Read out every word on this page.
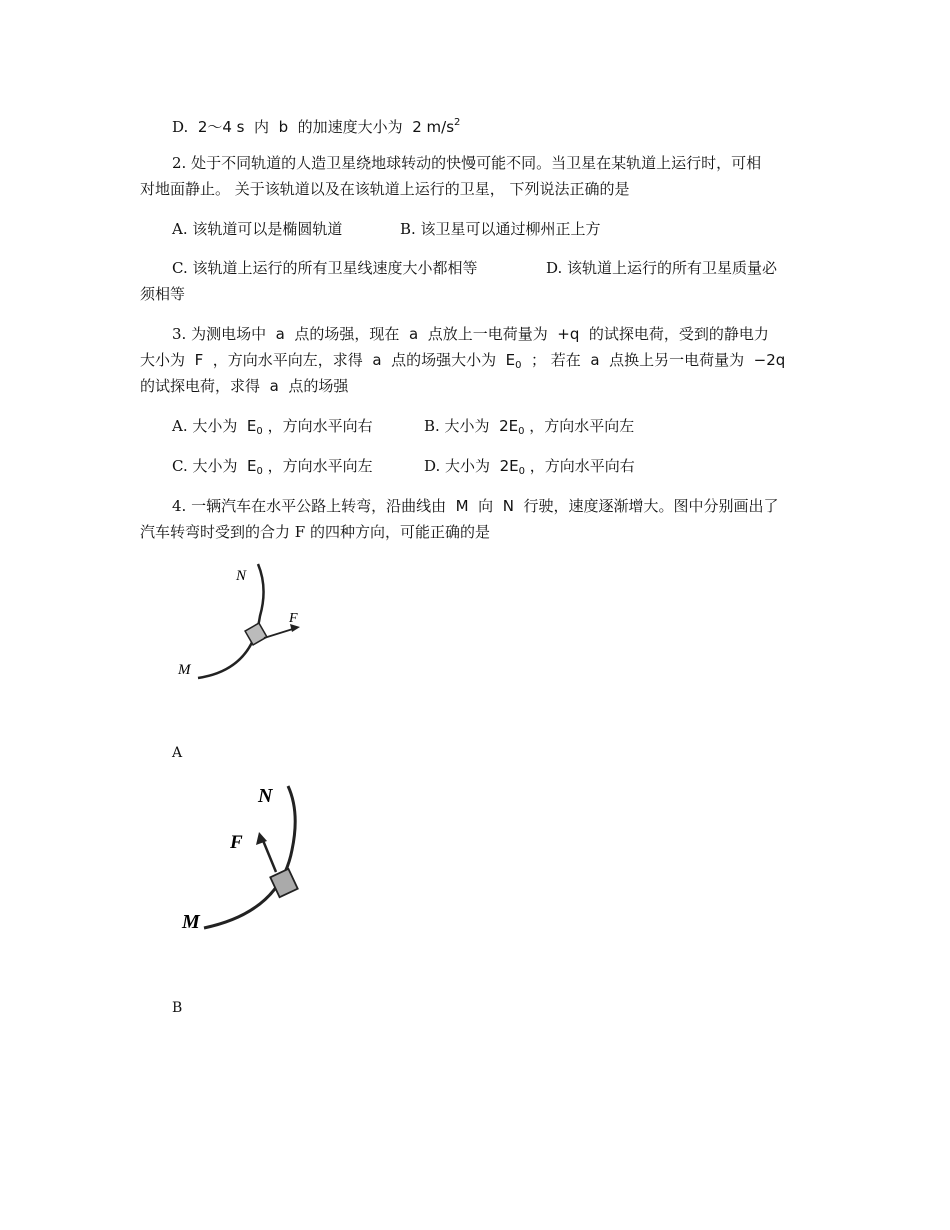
D. 2～4 s 内 b 的加速度大小为 2 $m/s^2$
2. 处于不同轨道的人造卫星绕地球转动的快慢可能不同。当卫星在某轨道上运行时，可相
对地面静止。 关于该轨道以及在该轨道上运行的卫星， 下列说法正确的是
A. 该轨道可以是椭圆轨道	B. 该卫星可以通过柳州正上方
C. 该轨道上运行的所有卫星线速度大小都相等	D. 该轨道上运行的所有卫星质量必
须相等
3. 为测电场中 a 点的场强，现在 a 点放上一电荷量为 +q 的试探电荷，受到的静电力
大小为 F ，方向水平向左，求得 a 点的场强大小为 $E_0$ ； 若在 a 点换上另一电荷量为 −2q
的试探电荷，求得 a 点的场强
A. 大小为 $E_0$ ，方向水平向右	B. 大小为 $2E_0$ ，方向水平向左
C. 大小为 $E_0$ ，方向水平向左	D. 大小为 $2E_0$ ，方向水平向右
4. 一辆汽车在水平公路上转弯，沿曲线由 M 向 N 行驶，速度逐渐增大。图中分别画出了
汽车转弯时受到的合力 F 的四种方向，可能正确的是
N
F
M
A
N
F
M
B
